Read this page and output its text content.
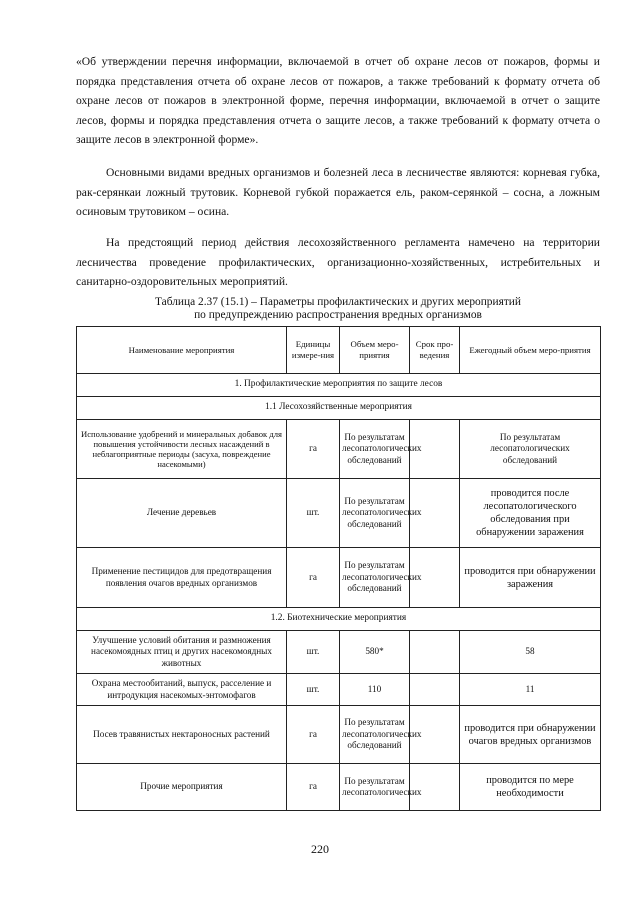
«Об утверждении перечня информации, включаемой в отчет об охране лесов от пожаров, формы и порядка представления отчета об охране лесов от пожаров, а также требований к формату отчета об охране лесов от пожаров в электронной форме, перечня информации, включаемой в отчет о защите лесов, формы и порядка представления отчета о защите лесов, а также требований к формату отчета о защите лесов в электронной форме».

Основными видами вредных организмов и болезней леса в лесничестве являются: корневая губка, рак-серянкаи ложный трутовик. Корневой губкой поражается ель, раком-серянкой – сосна, а ложным осиновым трутовиком – осина.

На предстоящий период действия лесохозяйственного регламента намечено на территории лесничества проведение профилактических, организационно-хозяйственных, истребительных и санитарно-оздоровительных мероприятий.

Таблица 2.37 (15.1) – Параметры профилактических и других мероприятий
по предупреждению распространения вредных организмов
Наименование мероприятия	Единицы измере-ния	Объем меро-приятия	Срок про-ведения	Ежегодный объем меро-приятия
1. Профилактические мероприятия по защите лесов				
1.1 Лесохозяйственные мероприятия				
Использование удобрений и минеральных добавок для повышения устойчивости лесных насаждений в неблагоприятные периоды (засуха, повреждение насекомыми)	га	По результатам лесопатологических обследований		По результатам лесопатологических обследований
Лечение деревьев	шт.	По результатам лесопатологических обследований		проводится после лесопатологического обследования при обнаружении заражения
Применение пестицидов для предотвращения появления очагов вредных организмов	га	По результатам лесопатологических обследований		проводится при обнаружении заражения
1.2. Биотехнические мероприятия				
Улучшение условий обитания и размножения насекомоядных птиц и других насекомоядных животных	шт.	580*		58
Охрана местообитаний, выпуск, расселение и интродукция насекомых-энтомофагов	шт.	110		11
Посев травянистых нектароносных растений	га	По результатам лесопатологических обследований		проводится при обнаружении очагов вредных организмов
Прочие мероприятия	га	По результатам лесопатологических		проводится по мере необходимости

220
